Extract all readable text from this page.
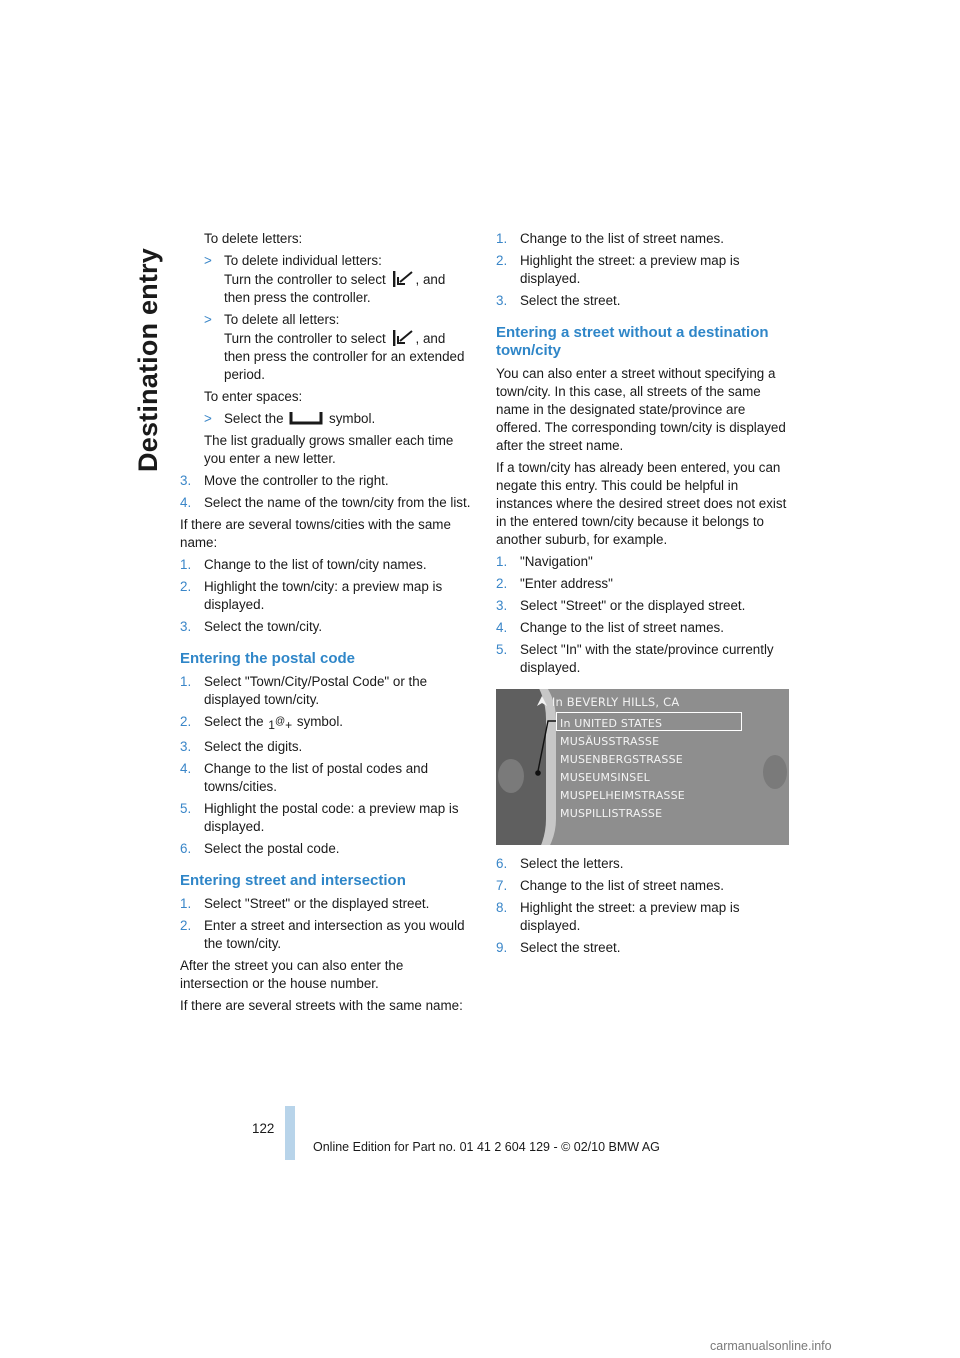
Destination entry

To delete letters:

> To delete individual letters:
Turn the controller to select , and then press the controller.
> To delete all letters:
Turn the controller to select , and then press the controller for an extended period.

To enter spaces:

> Select the	symbol.

The list gradually grows smaller each time you enter a new letter.

3. Move the controller to the right.
4. Select the name of the town/city from the list.

If there are several towns/cities with the same name:

1. Change to the list of town/city names.
2. Highlight the town/city: a preview map is displayed.
3. Select the town/city.
Entering the postal code
1. Select "Town/City/Postal Code" or the displayed town/city.
2. Select the 1@+ symbol.
3. Select the digits.
4. Change to the list of postal codes and towns/cities.
5. Highlight the postal code: a preview map is displayed.
6. Select the postal code.
Entering street and intersection
1. Select "Street" or the displayed street.
2. Enter a street and intersection as you would the town/city.

After the street you can also enter the intersection or the house number.

If there are several streets with the same name:

1. Change to the list of street names.
2. Highlight the street: a preview map is displayed.
3. Select the street.
Entering a street without a destination town/city

You can also enter a street without specifying a town/city. In this case, all streets of the same name in the designated state/province are offered. The corresponding town/city is displayed after the street name.

If a town/city has already been entered, you can negate this entry. This could be helpful in instances where the desired street does not exist in the entered town/city because it belongs to another suburb, for example.

1. "Navigation"
2. "Enter address"
3. Select "Street" or the displayed street.
4. Change to the list of street names.
5. Select "In" with the state/province currently displayed.
In BEVERLY HILLS, CA
In UNITED STATES
MUSÄUSSTRASSE
MUSENBERGSTRASSE
MUSEUMSINSEL
MUSPELHEIMSTRASSE
MUSPILLISTRASSE
6. Select the letters.
7. Change to the list of street names.
8. Highlight the street: a preview map is displayed.
9. Select the street.
122
Online Edition for Part no. 01 41 2 604 129 - © 02/10 BMW AG
carmanualsonline.info
